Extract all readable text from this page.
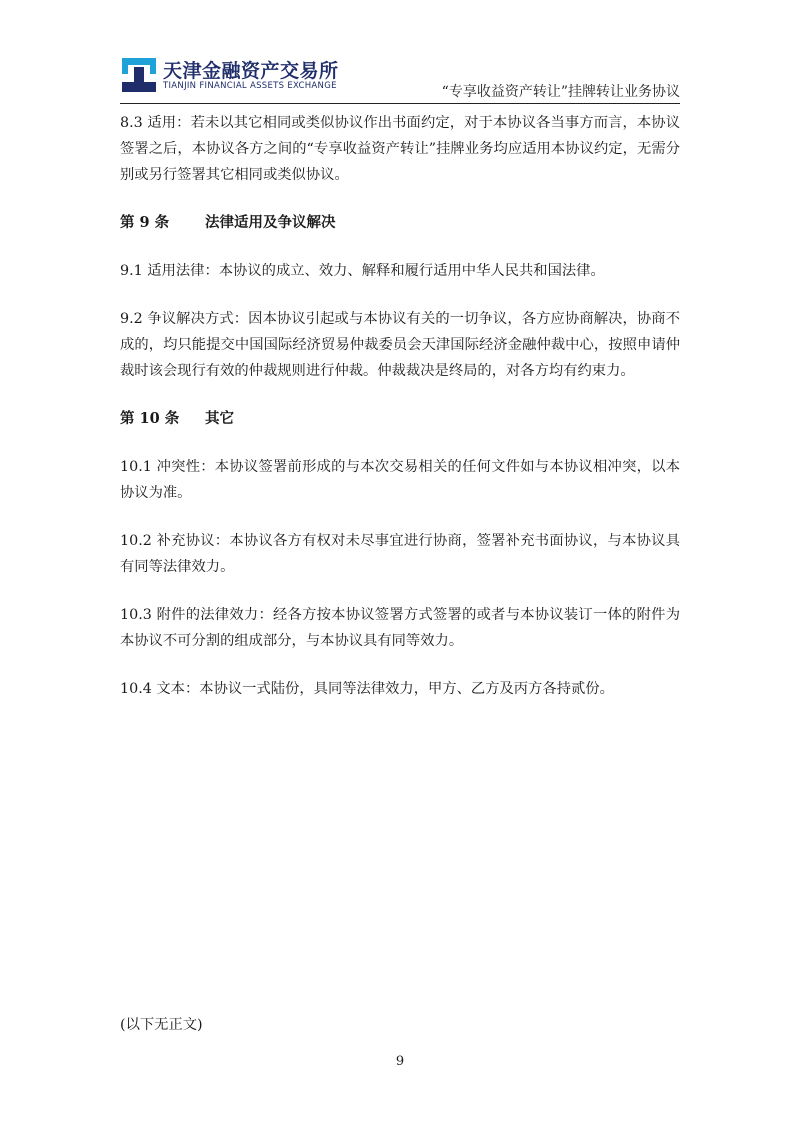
天津金融资产交易所
TIANJIN FINANCIAL ASSETS EXCHANGE	“专享收益资产转让”挂牌转让业务协议

8.3 适用：若未以其它相同或类似协议作出书面约定，对于本协议各当事方而言，本协议签署之后，本协议各方之间的“专享收益资产转让”挂牌业务均应适用本协议约定，无需分别或另行签署其它相同或类似协议。

第 9 条 法律适用及争议解决

9.1 适用法律：本协议的成立、效力、解释和履行适用中华人民共和国法律。

9.2 争议解决方式：因本协议引起或与本协议有关的一切争议，各方应协商解决，协商不成的，均只能提交中国国际经济贸易仲裁委员会天津国际经济金融仲裁中心，按照申请仲裁时该会现行有效的仲裁规则进行仲裁。仲裁裁决是终局的，对各方均有约束力。

第 10 条 其它

10.1 冲突性：本协议签署前形成的与本次交易相关的任何文件如与本协议相冲突，以本协议为准。

10.2 补充协议：本协议各方有权对未尽事宜进行协商，签署补充书面协议，与本协议具有同等法律效力。

10.3 附件的法律效力：经各方按本协议签署方式签署的或者与本协议装订一体的附件为本协议不可分割的组成部分，与本协议具有同等效力。

10.4 文本：本协议一式陆份，具同等法律效力，甲方、乙方及丙方各持贰份。

(以下无正文)
9
